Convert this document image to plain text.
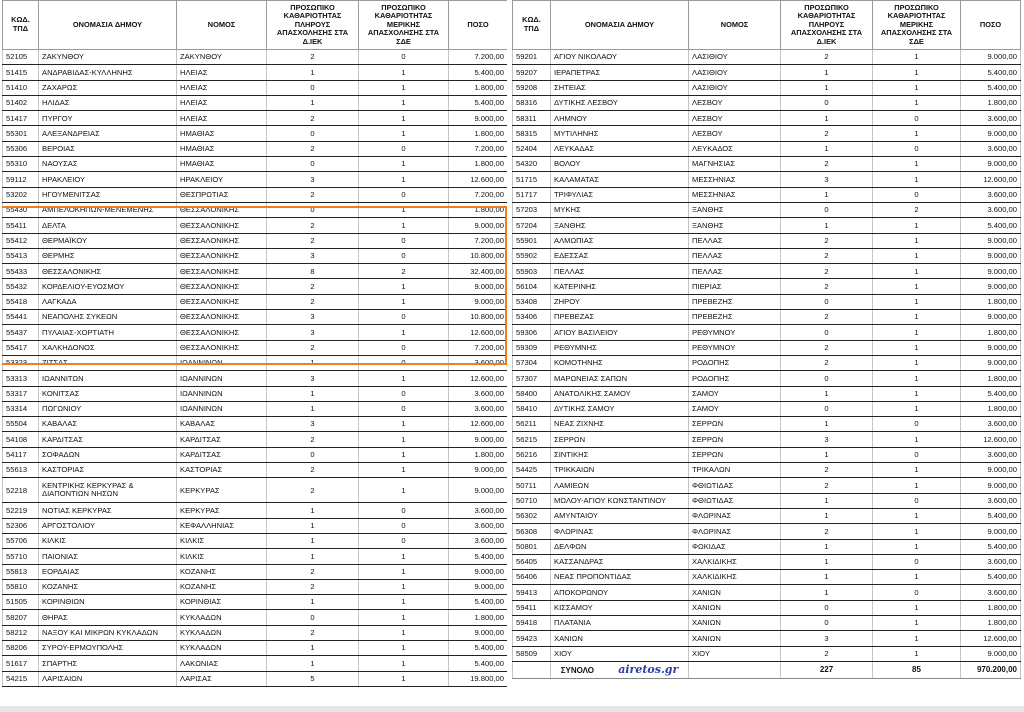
ΚΩΔ. ΤΠΔ	ΟΝΟΜΑΣΙΑ ΔΗΜΟΥ	ΝΟΜΟΣ	ΠΡΟΣΩΠΙΚΟ ΚΑΘΑΡΙΟΤΗΤΑΣ ΠΛΗΡΟΥΣ ΑΠΑΣΧΟΛΗΣΗΣ ΣΤΑ Δ.ΙΕΚ	ΠΡΟΣΩΠΙΚΟ ΚΑΘΑΡΙΟΤΗΤΑΣ ΜΕΡΙΚΗΣ ΑΠΑΣΧΟΛΗΣΗΣ ΣΤΑ ΣΔΕ	ΠΟΣΟ
52105	ΖΑΚΥΝΘΟΥ	ΖΑΚΥΝΘΟΥ	2	0	7.200,00
51415	ΑΝΔΡΑΒΙΔΑΣ-ΚΥΛΛΗΝΗΣ	ΗΛΕΙΑΣ	1	1	5.400,00
51410	ΖΑΧΑΡΩΣ	ΗΛΕΙΑΣ	0	1	1.800,00
51402	ΗΛΙΔΑΣ	ΗΛΕΙΑΣ	1	1	5.400,00
51417	ΠΥΡΓΟΥ	ΗΛΕΙΑΣ	2	1	9.000,00
55301	ΑΛΕΞΑΝΔΡΕΙΑΣ	ΗΜΑΘΙΑΣ	0	1	1.800,00
55306	ΒΕΡΟΙΑΣ	ΗΜΑΘΙΑΣ	2	0	7.200,00
55310	ΝΑΟΥΣΑΣ	ΗΜΑΘΙΑΣ	0	1	1.800,00
59112	ΗΡΑΚΛΕΙΟΥ	ΗΡΑΚΛΕΙΟΥ	3	1	12.600,00
53202	ΗΓΟΥΜΕΝΙΤΣΑΣ	ΘΕΣΠΡΩΤΙΑΣ	2	0	7.200,00
55430	ΑΜΠΕΛΟΚΗΠΩΝ-ΜΕΝΕΜΕΝΗΣ	ΘΕΣΣΑΛΟΝΙΚΗΣ	0	1	1.800,00
55411	ΔΕΛΤΑ	ΘΕΣΣΑΛΟΝΙΚΗΣ	2	1	9.000,00
55412	ΘΕΡΜΑΪΚΟΥ	ΘΕΣΣΑΛΟΝΙΚΗΣ	2	0	7.200,00
55413	ΘΕΡΜΗΣ	ΘΕΣΣΑΛΟΝΙΚΗΣ	3	0	10.800,00
55433	ΘΕΣΣΑΛΟΝΙΚΗΣ	ΘΕΣΣΑΛΟΝΙΚΗΣ	8	2	32.400,00
55432	ΚΟΡΔΕΛΙΟΥ-ΕΥΟΣΜΟΥ	ΘΕΣΣΑΛΟΝΙΚΗΣ	2	1	9.000,00
55418	ΛΑΓΚΑΔΑ	ΘΕΣΣΑΛΟΝΙΚΗΣ	2	1	9.000,00
55441	ΝΕΑΠΟΛΗΣ ΣΥΚΕΩΝ	ΘΕΣΣΑΛΟΝΙΚΗΣ	3	0	10.800,00
55437	ΠΥΛΑΙΑΣ-ΧΟΡΤΙΑΤΗ	ΘΕΣΣΑΛΟΝΙΚΗΣ	3	1	12.600,00
55417	ΧΑΛΚΗΔΟΝΟΣ	ΘΕΣΣΑΛΟΝΙΚΗΣ	2	0	7.200,00
53323	ΖΙΤΣΑΣ	ΙΩΑΝΝΙΝΩΝ	1	0	3.600,00
53313	ΙΩΑΝΝΙΤΩΝ	ΙΩΑΝΝΙΝΩΝ	3	1	12.600,00
53317	ΚΟΝΙΤΣΑΣ	ΙΩΑΝΝΙΝΩΝ	1	0	3.600,00
53314	ΠΩΓΩΝΙΟΥ	ΙΩΑΝΝΙΝΩΝ	1	0	3.600,00
55504	ΚΑΒΑΛΑΣ	ΚΑΒΑΛΑΣ	3	1	12.600,00
54108	ΚΑΡΔΙΤΣΑΣ	ΚΑΡΔΙΤΣΑΣ	2	1	9.000,00
54117	ΣΟΦΑΔΩΝ	ΚΑΡΔΙΤΣΑΣ	0	1	1.800,00
55613	ΚΑΣΤΟΡΙΑΣ	ΚΑΣΤΟΡΙΑΣ	2	1	9.000,00
52218	ΚΕΝΤΡΙΚΗΣ ΚΕΡΚΥΡΑΣ & ΔΙΑΠΟΝΤΙΩΝ ΝΗΣΩΝ	ΚΕΡΚΥΡΑΣ	2	1	9.000,00
52219	ΝΟΤΙΑΣ ΚΕΡΚΥΡΑΣ	ΚΕΡΚΥΡΑΣ	1	0	3.600,00
52306	ΑΡΓΟΣΤΟΛΙΟΥ	ΚΕΦΑΛΛΗΝΙΑΣ	1	0	3.600,00
55706	ΚΙΛΚΙΣ	ΚΙΛΚΙΣ	1	0	3.600,00
55710	ΠΑΙΟΝΙΑΣ	ΚΙΛΚΙΣ	1	1	5.400,00
55813	ΕΟΡΔΑΙΑΣ	ΚΟΖΑΝΗΣ	2	1	9.000,00
55810	ΚΟΖΑΝΗΣ	ΚΟΖΑΝΗΣ	2	1	9.000,00
51505	ΚΟΡΙΝΘΙΩΝ	ΚΟΡΙΝΘΙΑΣ	1	1	5.400,00
58207	ΘΗΡΑΣ	ΚΥΚΛΑΔΩΝ	0	1	1.800,00
58212	ΝΑΞΟΥ ΚΑΙ ΜΙΚΡΩΝ ΚΥΚΛΑΔΩΝ	ΚΥΚΛΑΔΩΝ	2	1	9.000,00
58206	ΣΥΡΟΥ-ΕΡΜΟΥΠΟΛΗΣ	ΚΥΚΛΑΔΩΝ	1	1	5.400,00
51617	ΣΠΑΡΤΗΣ	ΛΑΚΩΝΙΑΣ	1	1	5.400,00
54215	ΛΑΡΙΣΑΙΩΝ	ΛΑΡΙΣΑΣ	5	1	19.800,00
ΚΩΔ. ΤΠΔ	ΟΝΟΜΑΣΙΑ ΔΗΜΟΥ	ΝΟΜΟΣ	ΠΡΟΣΩΠΙΚΟ ΚΑΘΑΡΙΟΤΗΤΑΣ ΠΛΗΡΟΥΣ ΑΠΑΣΧΟΛΗΣΗΣ ΣΤΑ Δ.ΙΕΚ	ΠΡΟΣΩΠΙΚΟ ΚΑΘΑΡΙΟΤΗΤΑΣ ΜΕΡΙΚΗΣ ΑΠΑΣΧΟΛΗΣΗΣ ΣΤΑ ΣΔΕ	ΠΟΣΟ
59201	ΑΓΙΟΥ ΝΙΚΟΛΑΟΥ	ΛΑΣΙΘΙΟΥ	2	1	9.000,00
59207	ΙΕΡΑΠΕΤΡΑΣ	ΛΑΣΙΘΙΟΥ	1	1	5.400,00
59208	ΣΗΤΕΙΑΣ	ΛΑΣΙΘΙΟΥ	1	1	5.400,00
58316	ΔΥΤΙΚΗΣ ΛΕΣΒΟΥ	ΛΕΣΒΟΥ	0	1	1.800,00
58311	ΛΗΜΝΟΥ	ΛΕΣΒΟΥ	1	0	3.600,00
58315	ΜΥΤΙΛΗΝΗΣ	ΛΕΣΒΟΥ	2	1	9.000,00
52404	ΛΕΥΚΑΔΑΣ	ΛΕΥΚΑΔΟΣ	1	0	3.600,00
54320	ΒΟΛΟΥ	ΜΑΓΝΗΣΙΑΣ	2	1	9.000,00
51715	ΚΑΛΑΜΑΤΑΣ	ΜΕΣΣΗΝΙΑΣ	3	1	12.600,00
51717	ΤΡΙΦΥΛΙΑΣ	ΜΕΣΣΗΝΙΑΣ	1	0	3.600,00
57203	ΜΥΚΗΣ	ΞΑΝΘΗΣ	0	2	3.600,00
57204	ΞΑΝΘΗΣ	ΞΑΝΘΗΣ	1	1	5.400,00
55901	ΑΛΜΩΠΙΑΣ	ΠΕΛΛΑΣ	2	1	9.000,00
55902	ΕΔΕΣΣΑΣ	ΠΕΛΛΑΣ	2	1	9.000,00
55903	ΠΕΛΛΑΣ	ΠΕΛΛΑΣ	2	1	9.000,00
56104	ΚΑΤΕΡΙΝΗΣ	ΠΙΕΡΙΑΣ	2	1	9.000,00
53408	ΖΗΡΟΥ	ΠΡΕΒΕΖΗΣ	0	1	1.800,00
53406	ΠΡΕΒΕΖΑΣ	ΠΡΕΒΕΖΗΣ	2	1	9.000,00
59306	ΑΓΙΟΥ ΒΑΣΙΛΕΙΟΥ	ΡΕΘΥΜΝΟΥ	0	1	1.800,00
59309	ΡΕΘΥΜΝΗΣ	ΡΕΘΥΜΝΟΥ	2	1	9.000,00
57304	ΚΟΜΟΤΗΝΗΣ	ΡΟΔΟΠΗΣ	2	1	9.000,00
57307	ΜΑΡΩΝΕΙΑΣ ΣΑΠΩΝ	ΡΟΔΟΠΗΣ	0	1	1.800,00
58400	ΑΝΑΤΟΛΙΚΗΣ ΣΑΜΟΥ	ΣΑΜΟΥ	1	1	5.400,00
58410	ΔΥΤΙΚΗΣ ΣΑΜΟΥ	ΣΑΜΟΥ	0	1	1.800,00
56211	ΝΕΑΣ ΖΙΧΝΗΣ	ΣΕΡΡΩΝ	1	0	3.600,00
56215	ΣΕΡΡΩΝ	ΣΕΡΡΩΝ	3	1	12.600,00
56216	ΣΙΝΤΙΚΗΣ	ΣΕΡΡΩΝ	1	0	3.600,00
54425	ΤΡΙΚΚΑΙΩΝ	ΤΡΙΚΑΛΩΝ	2	1	9.000,00
50711	ΛΑΜΙΕΩΝ	ΦΘΙΩΤΙΔΑΣ	2	1	9.000,00
50710	ΜΩΛΟΥ-ΑΓΙΟΥ ΚΩΝΣΤΑΝΤΙΝΟΥ	ΦΘΙΩΤΙΔΑΣ	1	0	3.600,00
56302	ΑΜΥΝΤΑΙΟΥ	ΦΛΩΡΙΝΑΣ	1	1	5.400,00
56308	ΦΛΩΡΙΝΑΣ	ΦΛΩΡΙΝΑΣ	2	1	9.000,00
50801	ΔΕΛΦΩΝ	ΦΩΚΙΔΑΣ	1	1	5.400,00
56405	ΚΑΣΣΑΝΔΡΑΣ	ΧΑΛΚΙΔΙΚΗΣ	1	0	3.600,00
56406	ΝΕΑΣ ΠΡΟΠΟΝΤΙΔΑΣ	ΧΑΛΚΙΔΙΚΗΣ	1	1	5.400,00
59413	ΑΠΟΚΟΡΩΝΟΥ	ΧΑΝΙΩΝ	1	0	3.600,00
59411	ΚΙΣΣΑΜΟΥ	ΧΑΝΙΩΝ	0	1	1.800,00
59418	ΠΛΑΤΑΝΙΑ	ΧΑΝΙΩΝ	0	1	1.800,00
59423	ΧΑΝΙΩΝ	ΧΑΝΙΩΝ	3	1	12.600,00
58509	ΧΙΟΥ	ΧΙΟΥ	2	1	9.000,00
	ΣΥΝΟΛΟ airetos.gr		227	85	970.200,00
